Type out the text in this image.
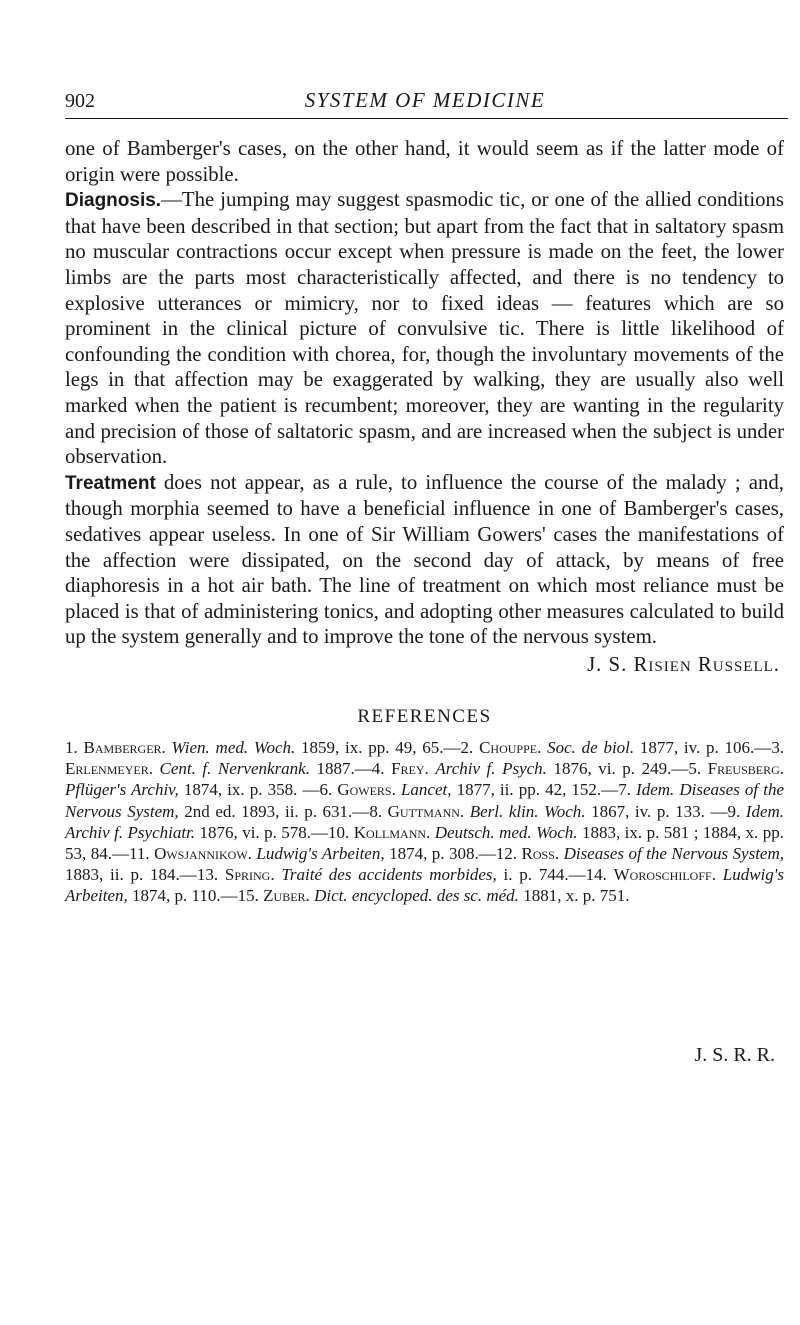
902	SYSTEM OF MEDICINE

one of Bamberger's cases, on the other hand, it would seem as if the latter mode of origin were possible.

Diagnosis.—The jumping may suggest spasmodic tic, or one of the allied conditions that have been described in that section; but apart from the fact that in saltatory spasm no muscular contractions occur except when pressure is made on the feet, the lower limbs are the parts most characteristically affected, and there is no tendency to explosive utterances or mimicry, nor to fixed ideas — features which are so prominent in the clinical picture of convulsive tic. There is little likelihood of confounding the condition with chorea, for, though the involuntary movements of the legs in that affection may be exaggerated by walking, they are usually also well marked when the patient is recumbent; moreover, they are wanting in the regularity and precision of those of saltatoric spasm, and are increased when the subject is under observation.

Treatment does not appear, as a rule, to influence the course of the malady ; and, though morphia seemed to have a beneficial influence in one of Bamberger's cases, sedatives appear useless. In one of Sir William Gowers' cases the manifestations of the affection were dissipated, on the second day of attack, by means of free diaphoresis in a hot air bath. The line of treatment on which most reliance must be placed is that of administering tonics, and adopting other measures calculated to build up the system generally and to improve the tone of the nervous system.

J. S. Risien Russell.

REFERENCES

1. Bamberger. Wien. med. Woch. 1859, ix. pp. 49, 65.—2. Chouppe. Soc. de biol. 1877, iv. p. 106.—3. Erlenmeyer. Cent. f. Nervenkrank. 1887.—4. Frey. Archiv f. Psych. 1876, vi. p. 249.—5. Freusberg. Pflüger's Archiv, 1874, ix. p. 358. —6. Gowers. Lancet, 1877, ii. pp. 42, 152.—7. Idem. Diseases of the Nervous System, 2nd ed. 1893, ii. p. 631.—8. Guttmann. Berl. klin. Woch. 1867, iv. p. 133. —9. Idem. Archiv f. Psychiatr. 1876, vi. p. 578.—10. Kollmann. Deutsch. med. Woch. 1883, ix. p. 581 ; 1884, x. pp. 53, 84.—11. Owsjannikow. Ludwig's Arbeiten, 1874, p. 308.—12. Ross. Diseases of the Nervous System, 1883, ii. p. 184.—13. Spring. Traité des accidents morbides, i. p. 744.—14. Woroschiloff. Ludwig's Arbeiten, 1874, p. 110.—15. Zuber. Dict. encycloped. des sc. méd. 1881, x. p. 751.

J. S. R. R.
